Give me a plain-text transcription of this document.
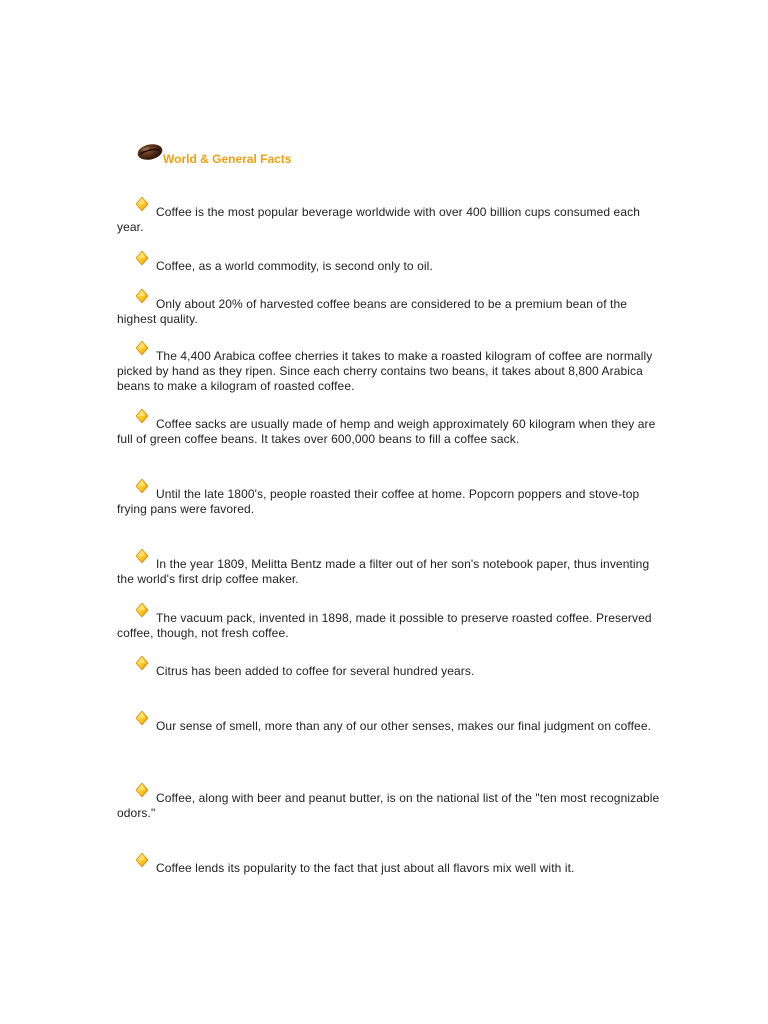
World & General Facts
Coffee is the most popular beverage worldwide with over 400 billion cups consumed each year.
Coffee, as a world commodity, is second only to oil.
Only about 20% of harvested coffee beans are considered to be a premium bean of the highest quality.
The 4,400 Arabica coffee cherries it takes to make a roasted kilogram of coffee are normally picked by hand as they ripen. Since each cherry contains two beans, it takes about 8,800 Arabica beans to make a kilogram of roasted coffee.
Coffee sacks are usually made of hemp and weigh approximately 60 kilogram when they are full of green coffee beans. It takes over 600,000 beans to fill a coffee sack.
Until the late 1800's, people roasted their coffee at home. Popcorn poppers and stove-top frying pans were favored.
In the year 1809, Melitta Bentz made a filter out of her son's notebook paper, thus inventing the world's first drip coffee maker.
The vacuum pack, invented in 1898, made it possible to preserve roasted coffee. Preserved coffee, though, not fresh coffee.
Citrus has been added to coffee for several hundred years.
Our sense of smell, more than any of our other senses, makes our final judgment on coffee.
Coffee, along with beer and peanut butter, is on the national list of the "ten most recognizable odors."
Coffee lends its popularity to the fact that just about all flavors mix well with it.
